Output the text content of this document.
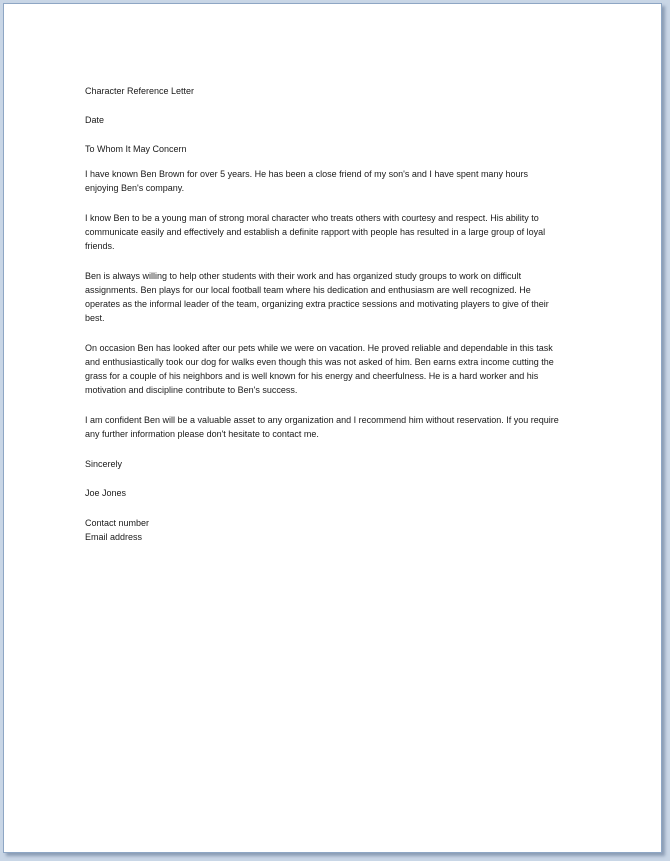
Character Reference Letter

Date

To Whom It May Concern

I have known Ben Brown for over 5 years. He has been a close friend of my son's and I have spent many hours enjoying Ben's company.

I know Ben to be a young man of strong moral character who treats others with courtesy and respect. His ability to communicate easily and effectively and establish a definite rapport with people has resulted in a large group of loyal friends.

Ben is always willing to help other students with their work and has organized study groups to work on difficult assignments. Ben plays for our local football team where his dedication and enthusiasm are well recognized. He operates as the informal leader of the team, organizing extra practice sessions and motivating players to give of their best.

On occasion Ben has looked after our pets while we were on vacation. He proved reliable and dependable in this task and enthusiastically took our dog for walks even though this was not asked of him. Ben earns extra income cutting the grass for a couple of his neighbors and is well known for his energy and cheerfulness. He is a hard worker and his motivation and discipline contribute to Ben's success.

I am confident Ben will be a valuable asset to any organization and I recommend him without reservation. If you require any further information please don't hesitate to contact me.

Sincerely

Joe Jones

Contact number

Email address
